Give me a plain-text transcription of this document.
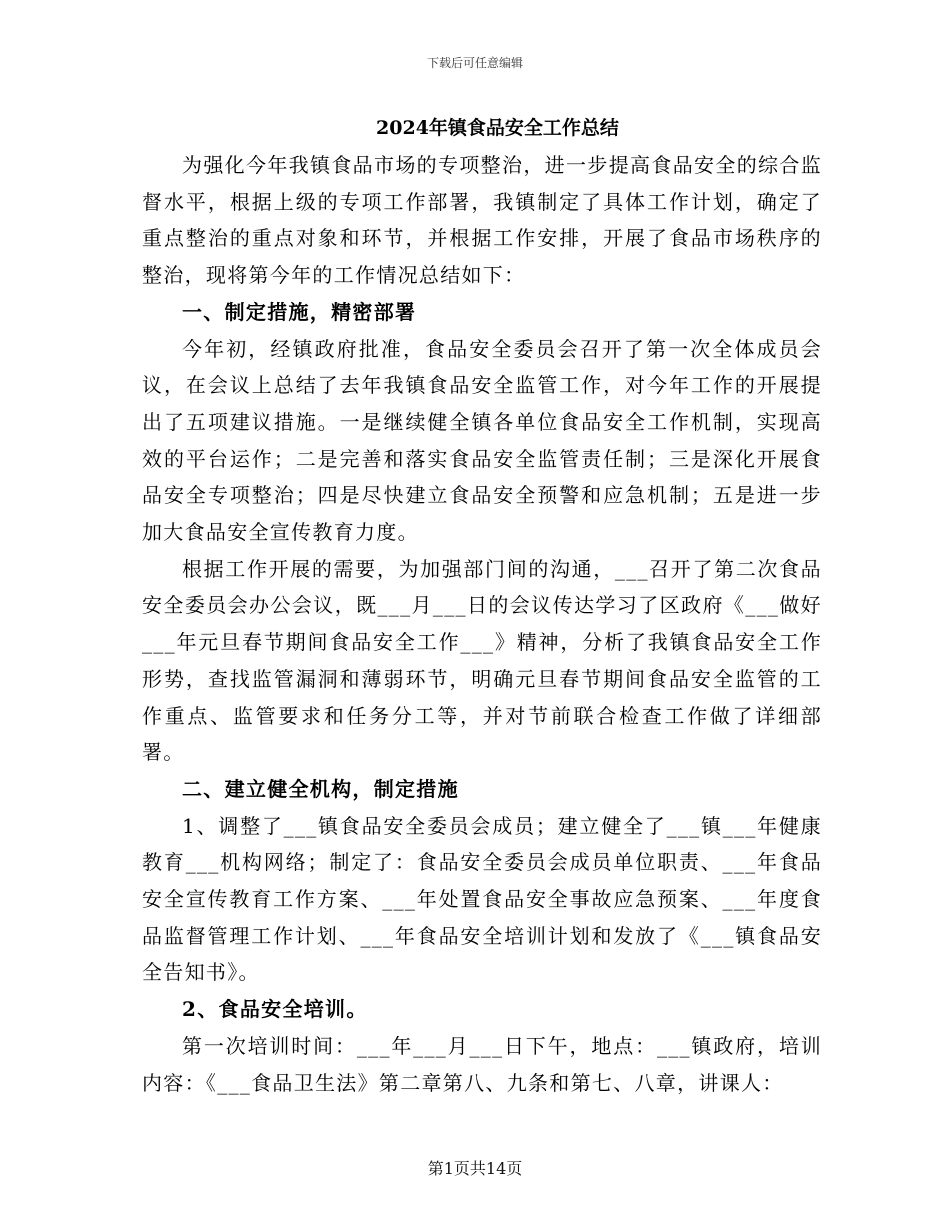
下载后可任意编辑
2024年镇食品安全工作总结

为强化今年我镇食品市场的专项整治，进一步提高食品安全的综合监督水平，根据上级的专项工作部署，我镇制定了具体工作计划，确定了重点整治的重点对象和环节，并根据工作安排，开展了食品市场秩序的整治，现将第今年的工作情况总结如下：

一、制定措施，精密部署

今年初，经镇政府批准，食品安全委员会召开了第一次全体成员会议，在会议上总结了去年我镇食品安全监管工作，对今年工作的开展提出了五项建议措施。一是继续健全镇各单位食品安全工作机制，实现高效的平台运作；二是完善和落实食品安全监管责任制；三是深化开展食品安全专项整治；四是尽快建立食品安全预警和应急机制；五是进一步加大食品安全宣传教育力度。

根据工作开展的需要，为加强部门间的沟通，___召开了第二次食品安全委员会办公会议，既___月___日的会议传达学习了区政府《___做好___年元旦春节期间食品安全工作___》精神，分析了我镇食品安全工作形势，查找监管漏洞和薄弱环节，明确元旦春节期间食品安全监管的工作重点、监管要求和任务分工等，并对节前联合检查工作做了详细部署。

二、建立健全机构，制定措施

1、调整了___镇食品安全委员会成员；建立健全了___镇___年健康教育___机构网络；制定了：食品安全委员会成员单位职责、___年食品安全宣传教育工作方案、___年处置食品安全事故应急预案、___年度食品监督管理工作计划、___年食品安全培训计划和发放了《___镇食品安全告知书》。

2、食品安全培训。

第一次培训时间：___年___月___日下午，地点：___镇政府，培训内容：《___食品卫生法》第二章第八、九条和第七、八章，讲课人：

第1页共14页
